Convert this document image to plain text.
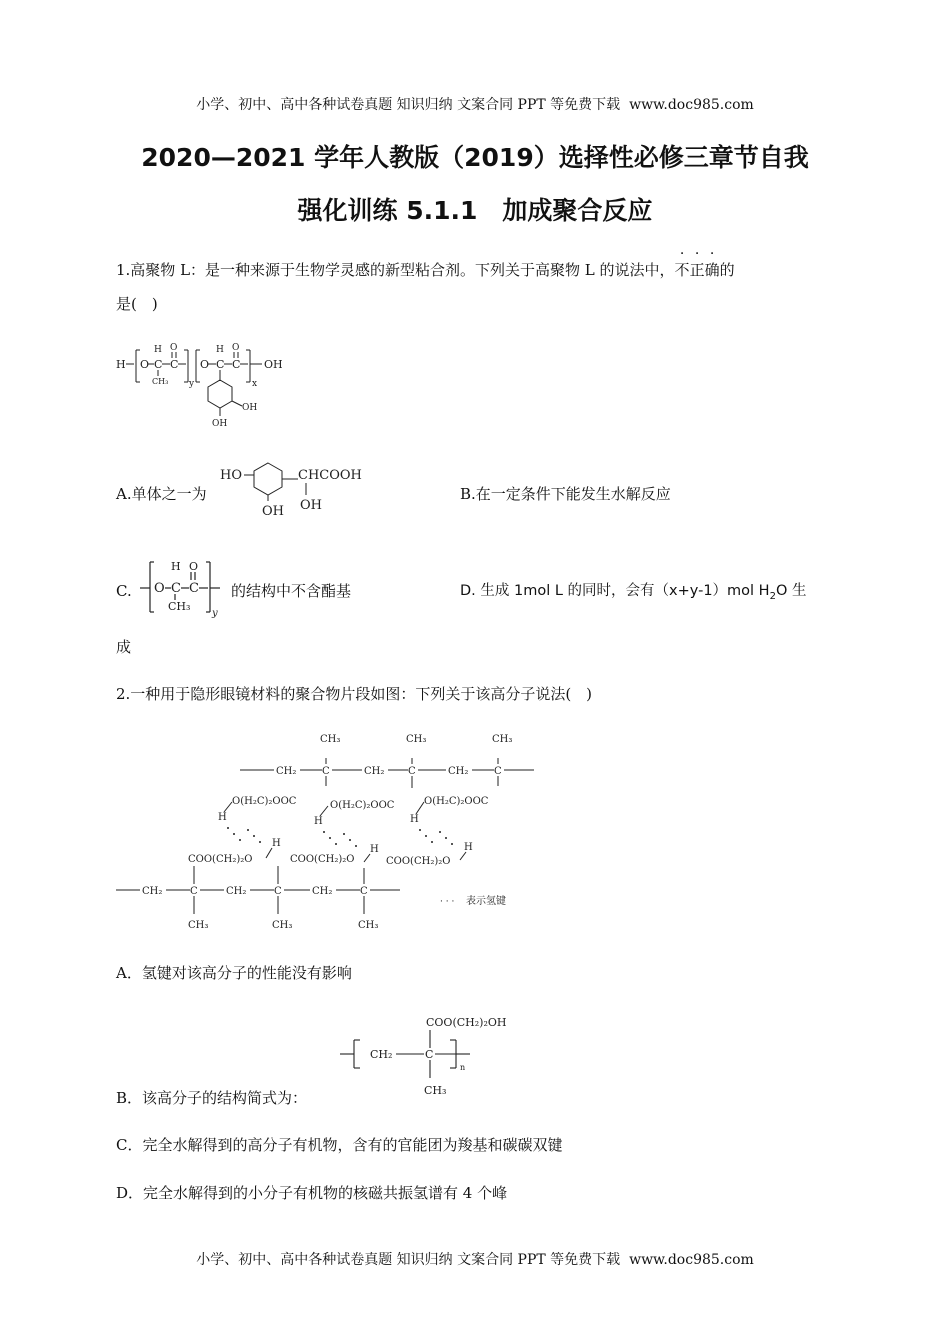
小学、初中、高中各种试卷真题 知识归纳 文案合同 PPT 等免费下载 www.doc985.com
2020—2021 学年人教版（2019）选择性必修三章节自我
强化训练 5.1.1　加成聚合反应
1.高聚物 L：是一种来源于生物学灵感的新型粘合剂。下列关于高聚物 L 的说法中，不正确的
是(　)
H O C
H
CH₃
C
O
y
O C
H
C
O
x
OH
OH
OH
A.单体之一为
HO	CHCOOH
OH
OH
B.在一定条件下能发生水解反应
C. O C
H
CH₃
C
O
y
的结构中不含酯基	D. 生成 1mol L 的同时，会有（x+y-1）mol $H_2O$ 生
成
2.一种用于隐形眼镜材料的聚合物片段如图：下列关于该高分子说法(　)
CH₂	C
CH₃
CH₂ C
CH₃
CH₂	C
CH₃
O(H₂C)₂OOC	O(H₂C)₂OOC	O(H₂C)₂OOC
H	H	H
H
H	H
COO(CH₂)₂O	COO(CH₂)₂O	COO(CH₂)₂O
CH₂	C
CH₃
CH₂	C
CH₃
CH₂	C
CH₃
· · · 表示氢键
A．氢键对该高分子的性能没有影响
COO(CH₂)₂OH
CH₂	C
n
CH₃
B．该高分子的结构简式为：
C．完全水解得到的高分子有机物，含有的官能团为羧基和碳碳双键
D．完全水解得到的小分子有机物的核磁共振氢谱有 4 个峰
小学、初中、高中各种试卷真题 知识归纳 文案合同 PPT 等免费下载 www.doc985.com
